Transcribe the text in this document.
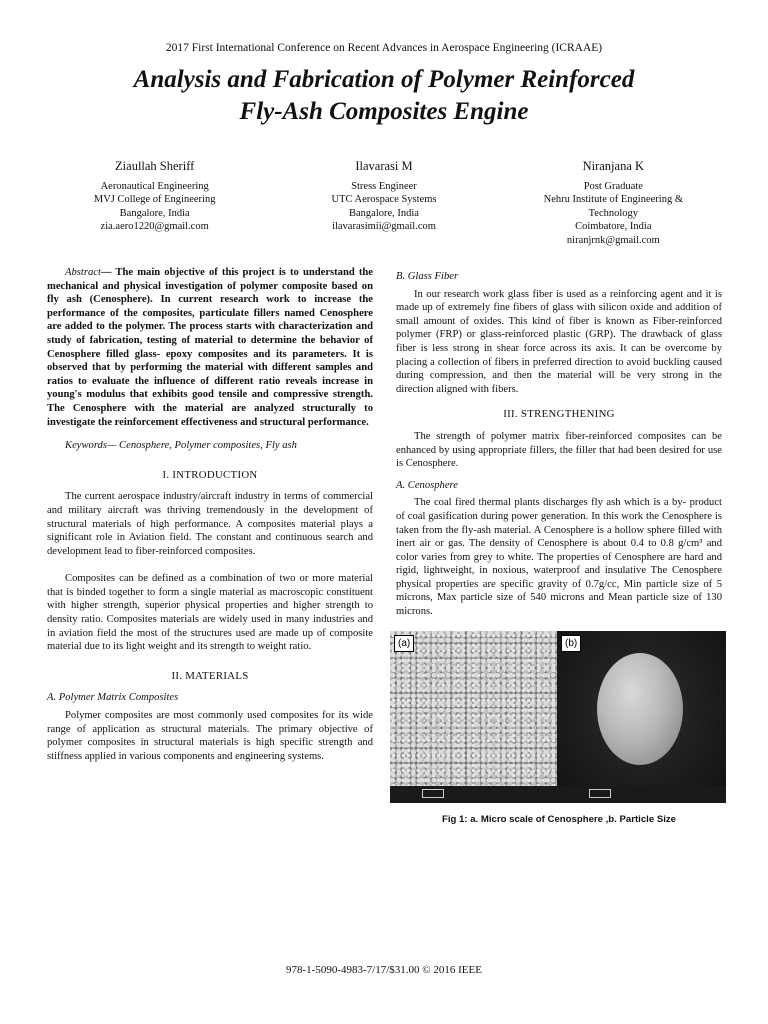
2017 First International Conference on Recent Advances in Aerospace Engineering (ICRAAE)
Analysis and Fabrication of Polymer Reinforced
Fly-Ash Composites Engine
Ziaullah Sheriff
Aeronautical Engineering
MVJ College of Engineering
Bangalore, India
zia.aero1220@gmail.com
Ilavarasi M
Stress Engineer
UTC Aerospace Systems
Bangalore, India
ilavarasimii@gmail.com
Niranjana K
Post Graduate
Nehru Institute of Engineering &
Technology
Coimbatore, India
niranjrnk@gmail.com

Abstract— The main objective of this project is to understand the mechanical and physical investigation of polymer composite based on fly ash (Cenosphere). In current research work to increase the performance of the composites, particulate fillers named Cenosphere are added to the polymer. The process starts with characterization and study of fabrication, testing of material to determine the behavior of Cenosphere filled glass- epoxy composites and its parameters. It is observed that by performing the material with different samples and ratios to evaluate the influence of different ratio reveals increase in young's modulus that exhibits good tensile and compressive strength. The Cenosphere with the material are analyzed structurally to investigate the reinforcement effectiveness and structural performance.

Keywords— Cenosphere, Polymer composites, Fly ash
I. INTRODUCTION

The current aerospace industry/aircraft industry in terms of commercial and military aircraft was thriving tremendously in the development of structural materials of high performance. A composites material plays a significant role in Aviation field. The constant and continuous search and development lead to fiber-reinforced composites.

Composites can be defined as a combination of two or more material that is binded together to form a single material as macroscopic constituent with higher strength, superior physical properties and higher strength to density ratio. Composites materials are widely used in many industries and in aviation field the most of the structures used are made up of composite material due to its light weight and its strength to weight ratio.

II. MATERIALS
A. Polymer Matrix Composites

Polymer composites are most commonly used composites for its wide range of application as structural materials. The primary objective of polymer composites in structural materials is high specific strength and stiffness applied in various components and engineering systems.

B. Glass Fiber

In our research work glass fiber is used as a reinforcing agent and it is made up of extremely fine fibers of glass with silicon oxide and addition of small amount of oxides. This kind of fiber is known as Fiber-reinforced polymer (FRP) or glass-reinforced plastic (GRP). The drawback of glass fiber is less strong in shear force across its axis. It can be overcome by placing a collection of fibers in preferred direction to avoid buckling caused during compression, and then the material will be very strong in the direction aligned with fibers.

III. STRENGTHENING

The strength of polymer matrix fiber-reinforced composites can be enhanced by using appropriate fillers, the filler that had been desired for use is Cenosphere.

A. Cenosphere

The coal fired thermal plants discharges fly ash which is a by- product of coal gasification during power generation. In this work the Cenosphere is taken from the fly-ash material. A Cenosphere is a hollow sphere filled with inert air or gas. The density of Cenosphere is about 0.4 to 0.8 g/cm³ and color varies from grey to white. The properties of Cenosphere are hard and rigid, lightweight, in noxious, waterproof and insulative The Cenosphere physical properties are specific gravity of 0.7g/cc, Min particle size of 5 microns, Max particle size of 540 microns and Mean particle size of 130 microns.

(a)	(b)
Fig 1: a. Micro scale of Cenosphere ,b. Particle Size
978-1-5090-4983-7/17/$31.00 © 2016 IEEE
